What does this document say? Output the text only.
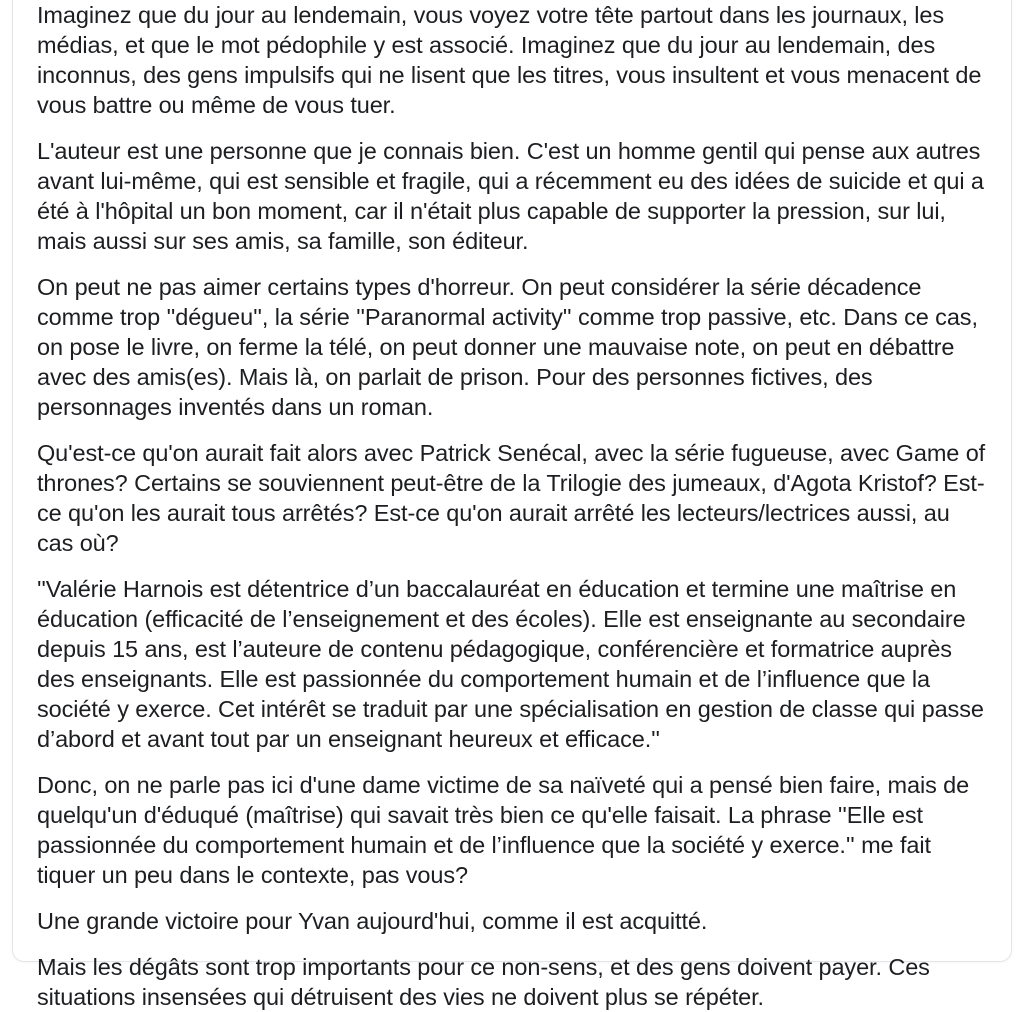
Imaginez que du jour au lendemain, vous voyez votre tête partout dans les journaux, les médias, et que le mot pédophile y est associé. Imaginez que du jour au lendemain, des inconnus, des gens impulsifs qui ne lisent que les titres, vous insultent et vous menacent de vous battre ou même de vous tuer.

L'auteur est une personne que je connais bien. C'est un homme gentil qui pense aux autres avant lui-même, qui est sensible et fragile, qui a récemment eu des idées de suicide et qui a été à l'hôpital un bon moment, car il n'était plus capable de supporter la pression, sur lui, mais aussi sur ses amis, sa famille, son éditeur.

On peut ne pas aimer certains types d'horreur. On peut considérer la série décadence comme trop ''dégueu'', la série ''Paranormal activity'' comme trop passive, etc. Dans ce cas, on pose le livre, on ferme la télé, on peut donner une mauvaise note, on peut en débattre avec des amis(es). Mais là, on parlait de prison. Pour des personnes fictives, des personnages inventés dans un roman.

Qu'est-ce qu'on aurait fait alors avec Patrick Senécal, avec la série fugueuse, avec Game of thrones? Certains se souviennent peut-être de la Trilogie des jumeaux, d'Agota Kristof? Est-ce qu'on les aurait tous arrêtés? Est-ce qu'on aurait arrêté les lecteurs/lectrices aussi, au cas où?

''Valérie Harnois est détentrice d’un baccalauréat en éducation et termine une maîtrise en éducation (efficacité de l’enseignement et des écoles). Elle est enseignante au secondaire depuis 15 ans, est l’auteure de contenu pédagogique, conférencière et formatrice auprès des enseignants. Elle est passionnée du comportement humain et de l’influence que la société y exerce. Cet intérêt se traduit par une spécialisation en gestion de classe qui passe d’abord et avant tout par un enseignant heureux et efficace.''

Donc, on ne parle pas ici d'une dame victime de sa naïveté qui a pensé bien faire, mais de quelqu'un d'éduqué (maîtrise) qui savait très bien ce qu'elle faisait. La phrase ''Elle est passionnée du comportement humain et de l’influence que la société y exerce.'' me fait tiquer un peu dans le contexte, pas vous?

Une grande victoire pour Yvan aujourd'hui, comme il est acquitté.

Mais les dégâts sont trop importants pour ce non-sens, et des gens doivent payer. Ces situations insensées qui détruisent des vies ne doivent plus se répéter.
